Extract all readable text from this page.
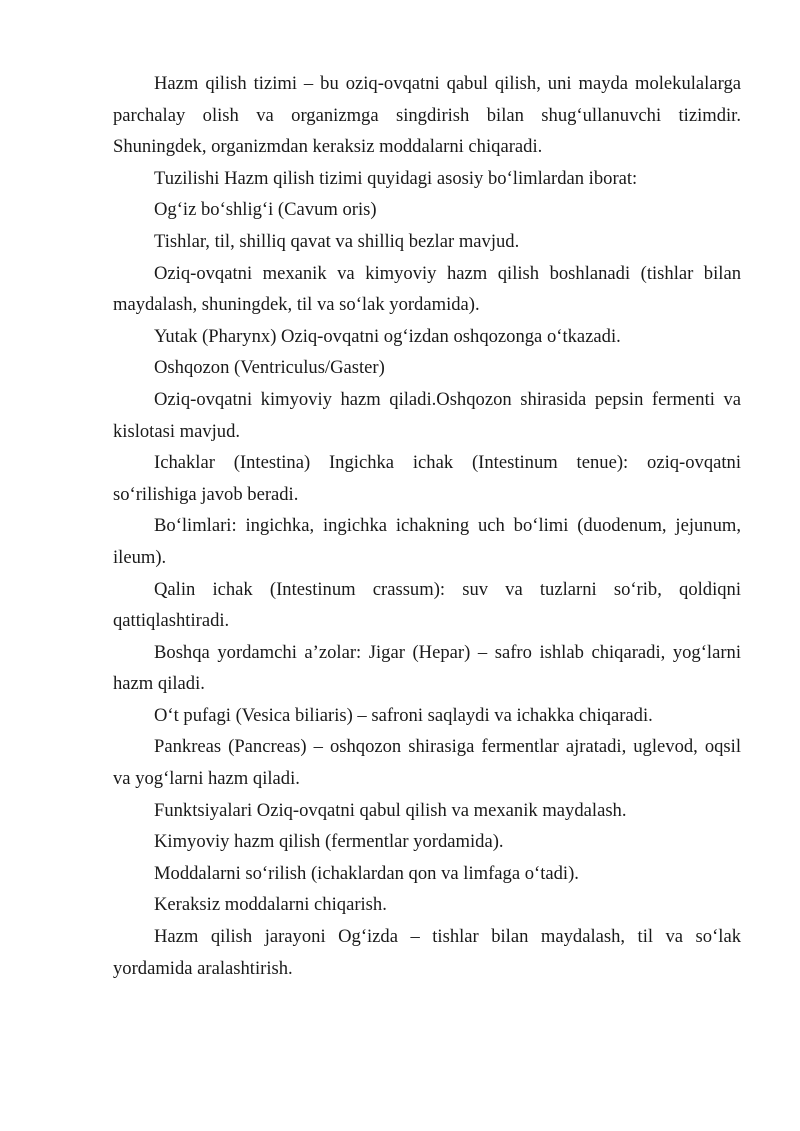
Hazm qilish tizimi – bu oziq-ovqatni qabul qilish, uni mayda molekulalarga parchalay olish va organizmga singdirish bilan shug‘ullanuvchi tizimdir. Shuningdek, organizmdan keraksiz moddalarni chiqaradi.

Tuzilishi Hazm qilish tizimi quyidagi asosiy bo‘limlardan iborat:

Og‘iz bo‘shlig‘i (Cavum oris)

Tishlar, til, shilliq qavat va shilliq bezlar mavjud.

Oziq-ovqatni mexanik va kimyoviy hazm qilish boshlanadi (tishlar bilan maydalash, shuningdek, til va so‘lak yordamida).

Yutak (Pharynx) Oziq-ovqatni og‘izdan oshqozonga o‘tkazadi.

Oshqozon (Ventriculus/Gaster)

Oziq-ovqatni kimyoviy hazm qiladi.Oshqozon shirasida pepsin fermenti va kislotasi mavjud.

Ichaklar (Intestina) Ingichka ichak (Intestinum tenue): oziq-ovqatni so‘rilishiga javob beradi.

Bo‘limlari: ingichka, ingichka ichakning uch bo‘limi (duodenum, jejunum, ileum).

Qalin ichak (Intestinum crassum): suv va tuzlarni so‘rib, qoldiqni qattiqlashtiradi.

Boshqa yordamchi a’zolar: Jigar (Hepar) – safro ishlab chiqaradi, yog‘larni hazm qiladi.

O‘t pufagi (Vesica biliaris) – safroni saqlaydi va ichakka chiqaradi.

Pankreas (Pancreas) – oshqozon shirasiga fermentlar ajratadi, uglevod, oqsil va yog‘larni hazm qiladi.

Funktsiyalari Oziq-ovqatni qabul qilish va mexanik maydalash.

Kimyoviy hazm qilish (fermentlar yordamida).

Moddalarni so‘rilish (ichaklardan qon va limfaga o‘tadi).

Keraksiz moddalarni chiqarish.

Hazm qilish jarayoni Og‘izda – tishlar bilan maydalash, til va so‘lak yordamida aralashtirish.
